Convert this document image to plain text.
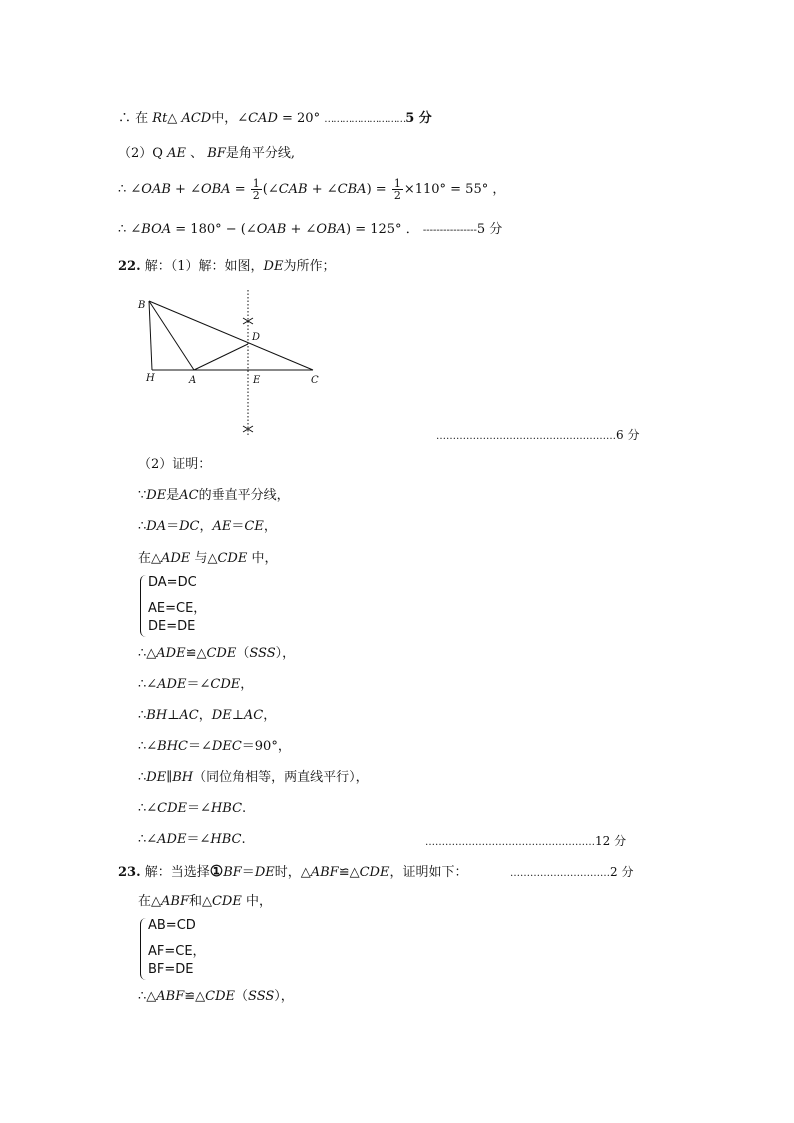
∴ 在 Rt△ ACD中，∠CAD = 20° ………………………5 分
（2）Q AE 、 BF是角平分线,
∴ ∠OAB + ∠OBA = $\frac{1}{2}$ (∠CAB + ∠CBA) = $\frac{1}{2} \times 110^\circ = 55^\circ$ ，
∴ ∠BOA = 180° − (∠OAB + ∠OBA) = 125° ． ----------------5 分
22. 解：（1）解：如图，DE为所作；
B
D
H	A	E	C
………………………………………………6 分
（2）证明：
∵DE是AC的垂直平分线，
∴DA＝DC，AE＝CE，
在△ADE 与△CDE 中，
DA=DC
AE=CE，
DE=DE
∴△ADE≌△CDE（SSS），
∴∠ADE＝∠CDE，
∴BH⊥AC，DE⊥AC，
∴∠BHC＝∠DEC＝90°，
∴DE∥BH（同位角相等，两直线平行），
∴∠CDE＝∠HBC.
∴∠ADE＝∠HBC.	……………………………………………12 分
23. 解：当选择①BF＝DE时，△ABF≌△CDE，证明如下：	…………………………2 分
在△ABF和△CDE 中，
AB=CD
AF=CE，
BF=DE
∴△ABF≌△CDE（SSS），
